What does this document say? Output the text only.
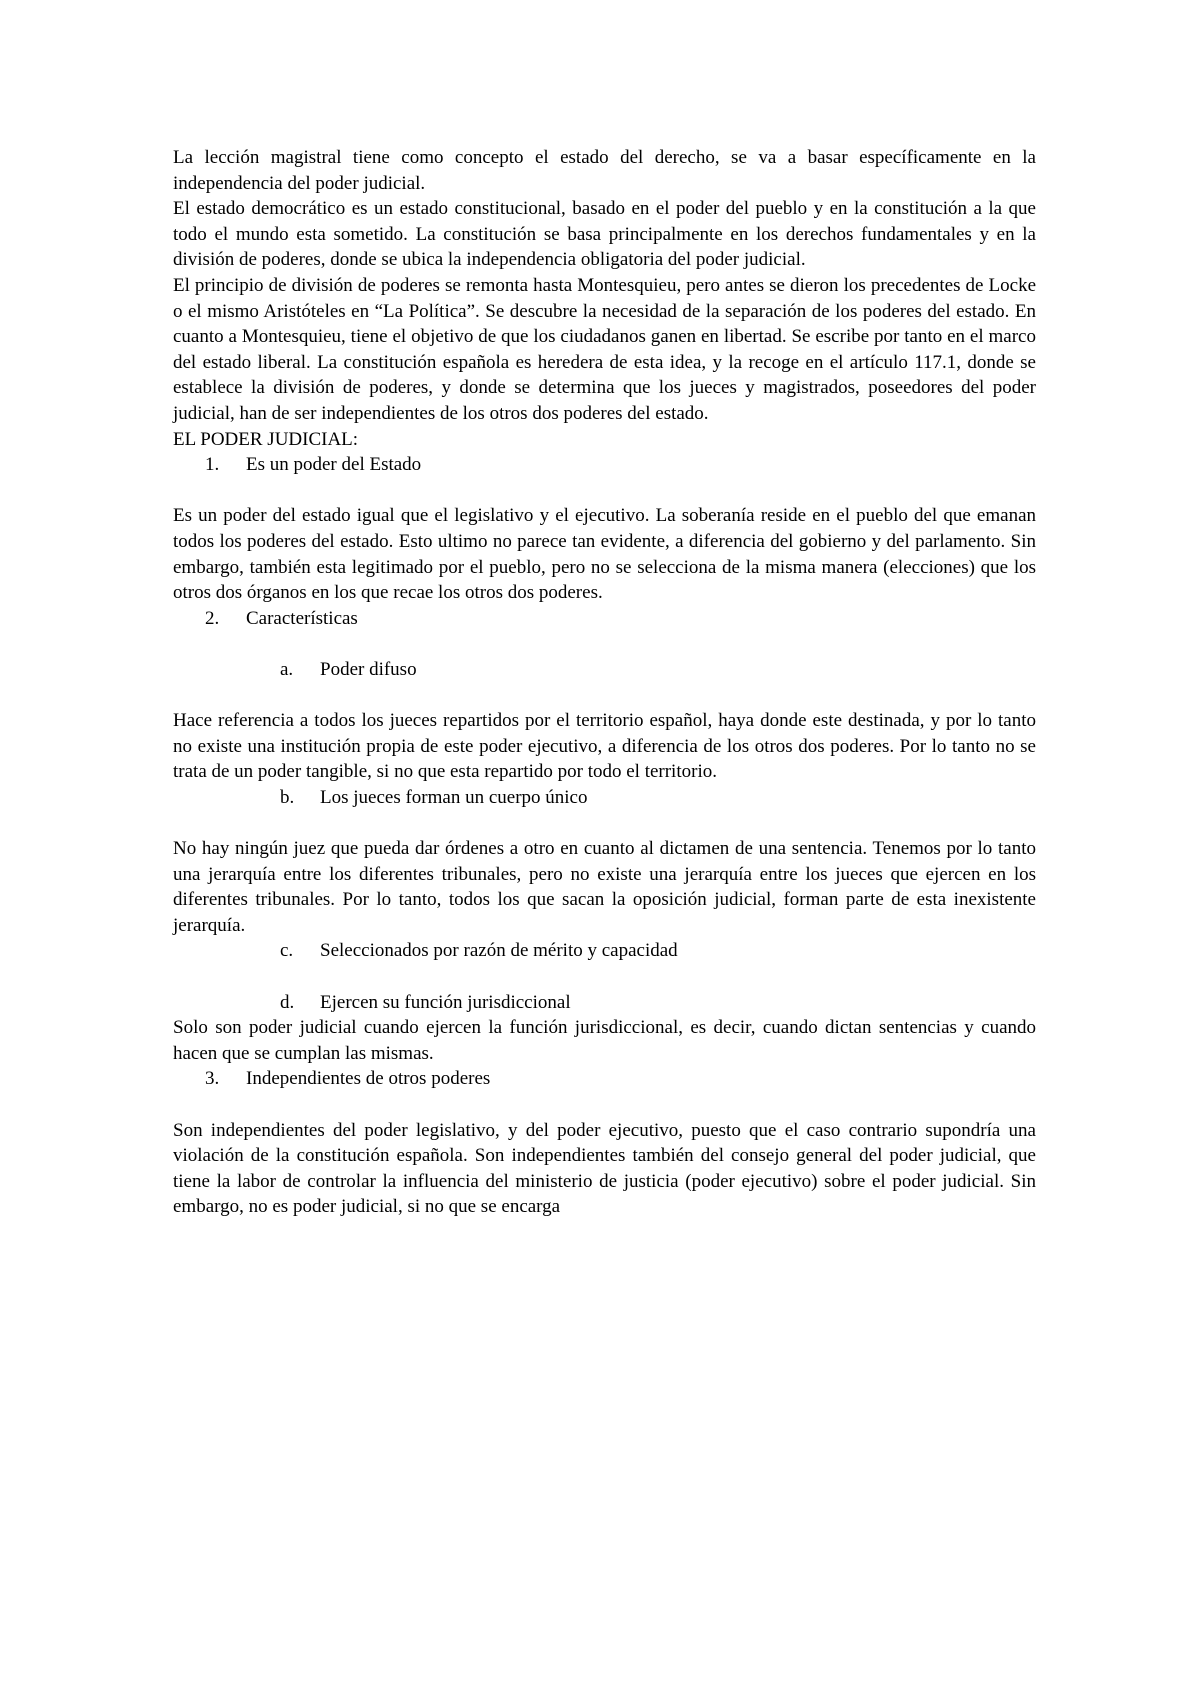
La lección magistral tiene como concepto el estado del derecho, se va a basar específicamente en la independencia del poder judicial.

El estado democrático es un estado constitucional, basado en el poder del pueblo y en la constitución a la que todo el mundo esta sometido. La constitución se basa principalmente en los derechos fundamentales y en la división de poderes, donde se ubica la independencia obligatoria del poder judicial.

El principio de división de poderes se remonta hasta Montesquieu, pero antes se dieron los precedentes de Locke o el mismo Aristóteles en “La Política”. Se descubre la necesidad de la separación de los poderes del estado. En cuanto a Montesquieu, tiene el objetivo de que los ciudadanos ganen en libertad. Se escribe por tanto en el marco del estado liberal. La constitución española es heredera de esta idea, y la recoge en el artículo 117.1, donde se establece la división de poderes, y donde se determina que los jueces y magistrados, poseedores del poder judicial, han de ser independientes de los otros dos poderes del estado.

EL PODER JUDICIAL:

1. Es un poder del Estado

Es un poder del estado igual que el legislativo y el ejecutivo. La soberanía reside en el pueblo del que emanan todos los poderes del estado. Esto ultimo no parece tan evidente, a diferencia del gobierno y del parlamento. Sin embargo, también esta legitimado por el pueblo, pero no se selecciona de la misma manera (elecciones) que los otros dos órganos en los que recae los otros dos poderes.

2. Características
a. Poder difuso

Hace referencia a todos los jueces repartidos por el territorio español, haya donde este destinada, y por lo tanto no existe una institución propia de este poder ejecutivo, a diferencia de los otros dos poderes. Por lo tanto no se trata de un poder tangible, si no que esta repartido por todo el territorio.

b. Los jueces forman un cuerpo único

No hay ningún juez que pueda dar órdenes a otro en cuanto al dictamen de una sentencia. Tenemos por lo tanto una jerarquía entre los diferentes tribunales, pero no existe una jerarquía entre los jueces que ejercen en los diferentes tribunales. Por lo tanto, todos los que sacan la oposición judicial, forman parte de esta inexistente jerarquía.

c. Seleccionados por razón de mérito y capacidad
d. Ejercen su función jurisdiccional

Solo son poder judicial cuando ejercen la función jurisdiccional, es decir, cuando dictan sentencias y cuando hacen que se cumplan las mismas.

3. Independientes de otros poderes

Son independientes del poder legislativo, y del poder ejecutivo, puesto que el caso contrario supondría una violación de la constitución española. Son independientes también del consejo general del poder judicial, que tiene la labor de controlar la influencia del ministerio de justicia (poder ejecutivo) sobre el poder judicial. Sin embargo, no es poder judicial, si no que se encarga
